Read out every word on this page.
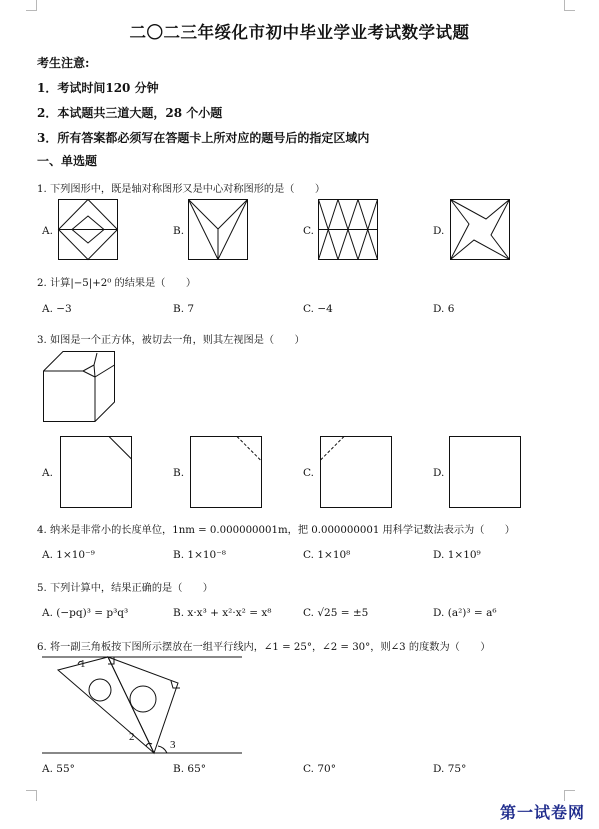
二〇二三年绥化市初中毕业学业考试数学试题
考生注意:
1．考试时间120 分钟
2．本试题共三道大题，28 个小题
3．所有答案都必须写在答题卡上所对应的题号后的指定区域内
一、单选题
1. 下列图形中，既是轴对称图形又是中心对称图形的是（　　）
A.	B.	C.	D.
2. 计算|−5|+2⁰ 的结果是（　　）
A. −3	B. 7	C. −4	D. 6
3. 如图是一个正方体，被切去一角，则其左视图是（　　）
A.	B.	C.	D.
4. 纳米是非常小的长度单位，1nm = 0.000000001m，把 0.000000001 用科学记数法表示为（　　）
A. 1×10⁻⁹	B. 1×10⁻⁸	C. 1×10⁸	D. 1×10⁹
5. 下列计算中，结果正确的是（　　）
A. (−pq)³ = p³q³	B. x·x³ + x²·x² = x⁸	C. √25 = ±5	D. (a²)³ = a⁶
6. 将一副三角板按下图所示摆放在一组平行线内，∠1 = 25°，∠2 = 30°，则∠3 的度数为（　　）
1
2
3
A. 55°	B. 65°	C. 70°	D. 75°
第一试卷网
